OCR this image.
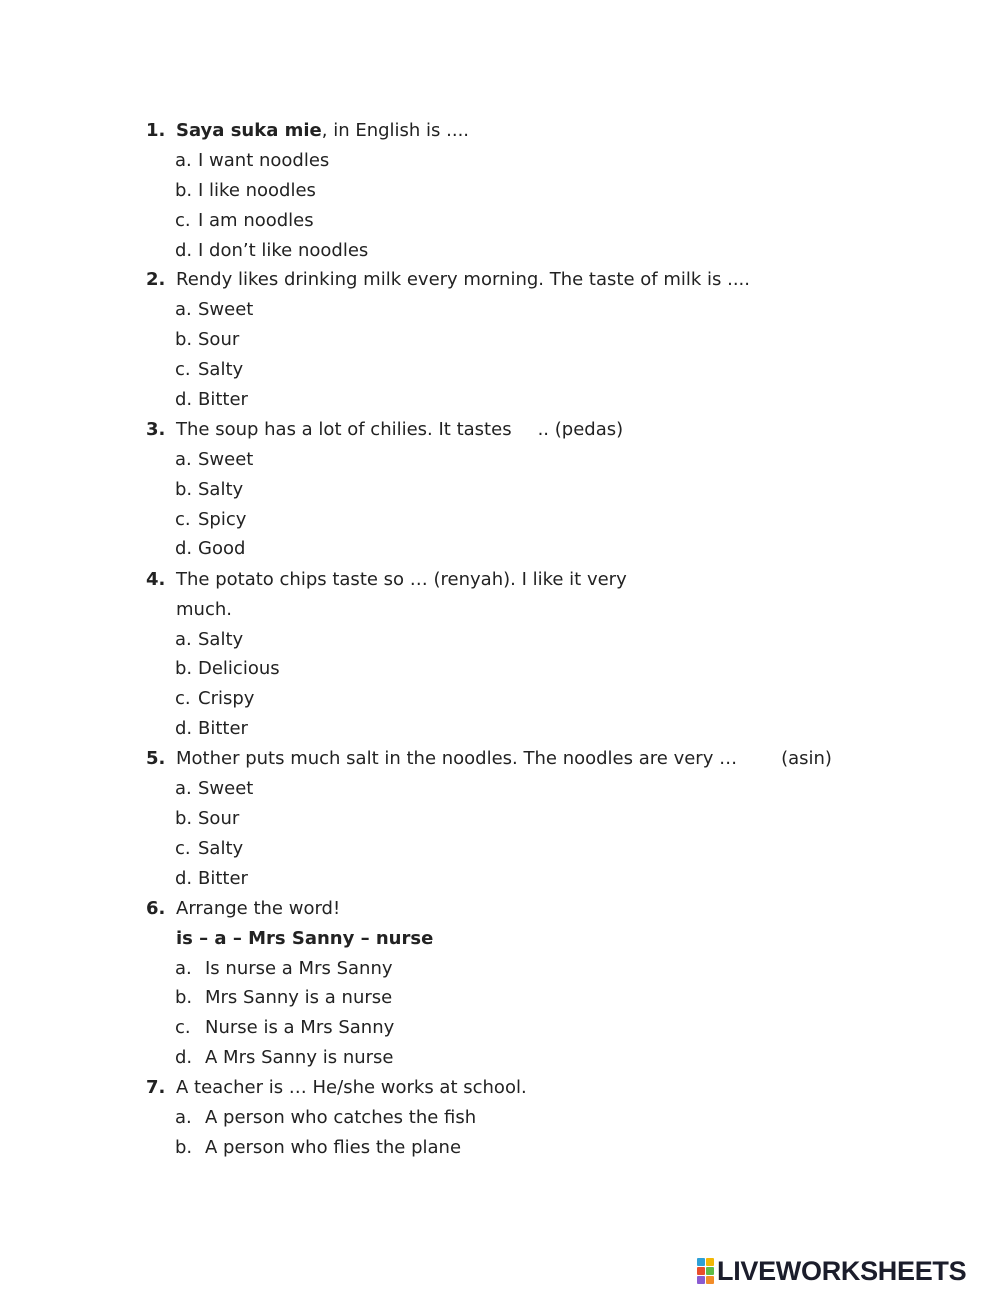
1. Saya suka mie, in English is ....
a. I want noodles
b. I like noodles
c. I am noodles
d. I don’t like noodles
2. Rendy likes drinking milk every morning. The taste of milk is ....
a. Sweet
b. Sour
c. Salty
d. Bitter
3. The soup has a lot of chilies. It tastes .. (pedas)
a. Sweet
b. Salty
c. Spicy
d. Good
4. The potato chips taste so … (renyah). I like it very
much.
a. Salty
b. Delicious
c. Crispy
d. Bitter
5. Mother puts much salt in the noodles. The noodles are very … (asin)
a. Sweet
b. Sour
c. Salty
d. Bitter
6. Arrange the word!
is – a – Mrs Sanny – nurse
a. Is nurse a Mrs Sanny
b. Mrs Sanny is a nurse
c. Nurse is a Mrs Sanny
d. A Mrs Sanny is nurse
7. A teacher is … He/she works at school.
a. A person who catches the fish
b. A person who flies the plane
LIVEWORKSHEETS
